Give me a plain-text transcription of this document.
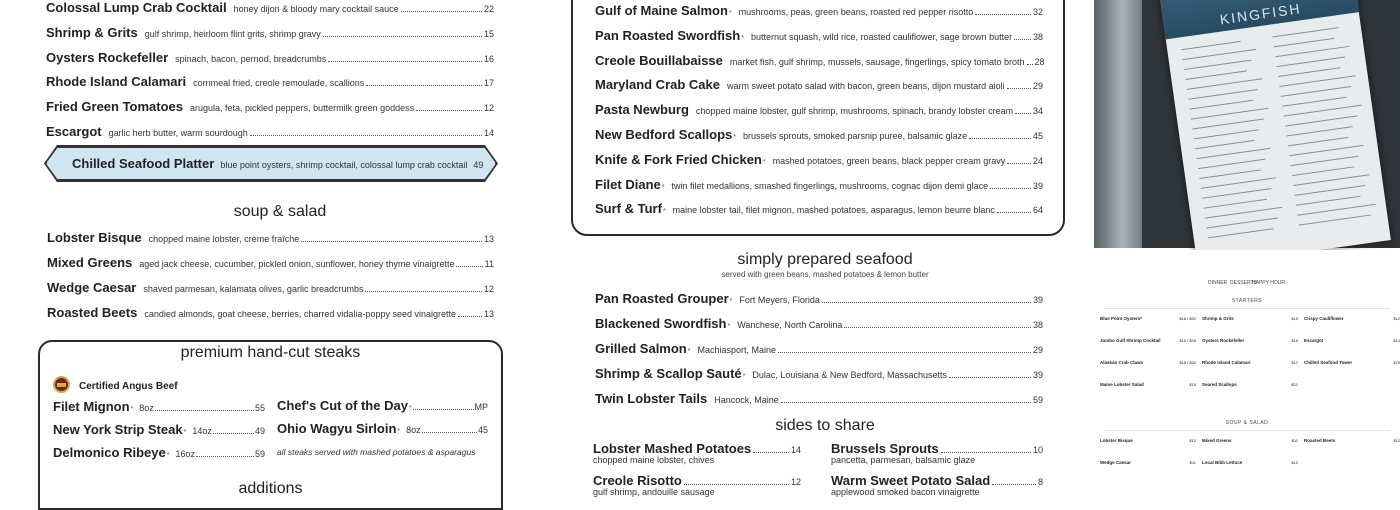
Colossal Lump Crab Cocktail honey dijon & bloody mary cocktail sauce	22
Shrimp & Grits gulf shrimp, heirloom flint grits, shrimp gravy	15
Oysters Rockefeller spinach, bacon, pernod, breadcrumbs	16
Rhode Island Calamari cornmeal fried, creole remoulade, scallions	17
Fried Green Tomatoes arugula, feta, pickled peppers, buttermilk green goddess	12
Escargot garlic herb butter, warm sourdough	14
Chilled Seafood Platter blue point oysters, shrimp cocktail, colossal lump crab cocktail 49
soup & salad
Lobster Bisque chopped maine lobster, crème fraîche	13
Mixed Greens aged jack cheese, cucumber, pickled onion, sunflower, honey thyme vinaigrette	11
Wedge Caesar shaved parmesan, kalamata olives, garlic breadcrumbs	12
Roasted Beets candied almonds, goat cheese, berries, charred vidalia-poppy seed vinaigrette	13
premium hand-cut steaks
Certified Angus Beef
Filet Mignon * 8oz	55
New York Strip Steak * 14oz	49
Delmonico Ribeye * 16oz	59
Chef's Cut of the Day *	MP
Ohio Wagyu Sirloin * 8oz	45
all steaks served with mashed potatoes & asparagus
additions
Gulf of Maine Salmon * mushrooms, peas, green beans, roasted red pepper risotto	32
Pan Roasted Swordfish * butternut squash, wild rice, roasted cauliflower, sage brown butter 38
Creole Bouillabaisse market fish, gulf shrimp, mussels, sausage, fingerlings, spicy tomato broth 28
Maryland Crab Cake warm sweet potato salad with bacon, green beans, dijon mustard aioli	29
Pasta Newburg chopped maine lobster, gulf shrimp, mushrooms, spinach, brandy lobster cream 34
New Bedford Scallops * brussels sprouts, smoked parsnip puree, balsamic glaze	45
Knife & Fork Fried Chicken * mashed potatoes, green beans, black pepper cream gravy	24
Filet Diane * twin filet medallions, smashed fingerlings, mushrooms, cognac dijon demi glace	39
Surf & Turf * maine lobster tail, filet mignon, mashed potatoes, asparagus, lemon beurre blanc	64
simply prepared seafood
served with green beans, mashed potatoes & lemon butter
Pan Roasted Grouper * Fort Meyers, Florida	39
Blackened Swordfish * Wanchese, North Carolina	38
Grilled Salmon * Machiasport, Maine	29
Shrimp & Scallop Sauté * Dulac, Louisiana & New Bedford, Massachusetts	39
Twin Lobster Tails Hancock, Maine	59
sides to share
Lobster Mashed Potatoes	14
chopped maine lobster, chives
Creole Risotto	12
gulf shrimp, andouille sausage
Brussels Sprouts	10
pancetta, parmesan, balsamic glaze
Warm Sweet Potato Salad	8
applewood smoked bacon vinaigrette
KINGFISH
DINNER DESSERTS
HAPPY HOUR
STARTERS
Blue Point Oysters*	$18 / $32 Shrimp & Grits	$15 Crispy Cauliflower	$12
Jumbo Gulf Shrimp Cocktail	$16 / $26 Oysters Rockefeller	$16 Escargot	$14
Alaskan Crab Claws	$18 / $32 Rhode Island Calamari	$17 Chilled Seafood Tower	$79
Maine Lobster Salad	$19 Seared Scallops	$21
SOUP & SALAD
Lobster Bisque	$12 Mixed Greens	$11 Roasted Beets	$12
Wedge Caesar	$11 Local Bibb Lettuce	$12
